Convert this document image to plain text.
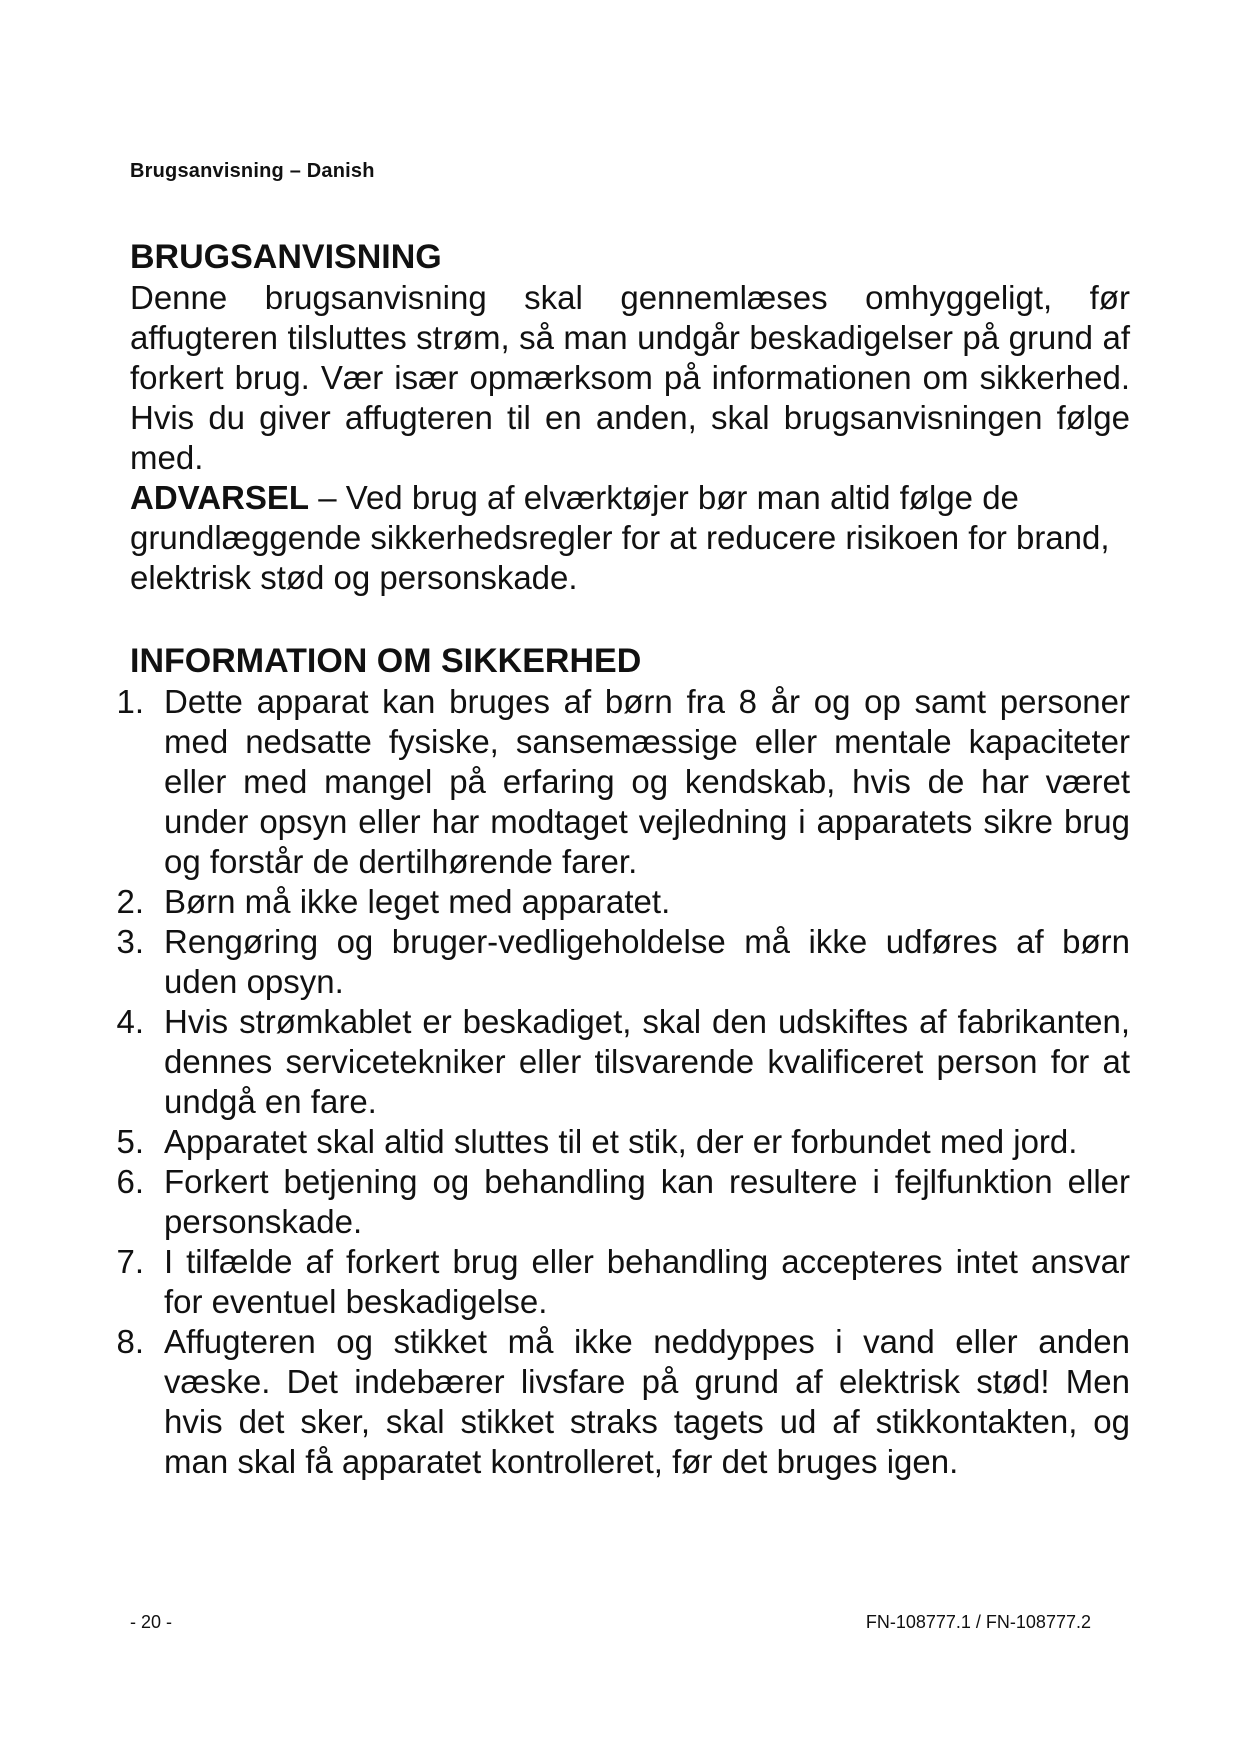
Brugsanvisning – Danish
BRUGSANVISNING

Denne brugsanvisning skal gennemlæses omhyggeligt, før affugteren tilsluttes strøm, så man undgår beskadigelser på grund af forkert brug. Vær især opmærksom på informationen om sikkerhed. Hvis du giver affugteren til en anden, skal brugsanvisningen følge med.

ADVARSEL – Ved brug af elværktøjer bør man altid følge de grundlæggende sikkerhedsregler for at reducere risikoen for brand, elektrisk stød og personskade.

INFORMATION OM SIKKERHED
1. Dette apparat kan bruges af børn fra 8 år og op samt personer med nedsatte fysiske, sansemæssige eller mentale kapaciteter eller med mangel på erfaring og kendskab, hvis de har været under opsyn eller har modtaget vejledning i apparatets sikre brug og forstår de dertilhørende farer.
2. Børn må ikke leget med apparatet.
3. Rengøring og bruger-vedligeholdelse må ikke udføres af børn uden opsyn.
4. Hvis strømkablet er beskadiget, skal den udskiftes af fabrikanten, dennes servicetekniker eller tilsvarende kvalificeret person for at undgå en fare.
5. Apparatet skal altid sluttes til et stik, der er forbundet med jord.
6. Forkert betjening og behandling kan resultere i fejlfunktion eller personskade.
7. I tilfælde af forkert brug eller behandling accepteres intet ansvar for eventuel beskadigelse.
8. Affugteren og stikket må ikke neddyppes i vand eller anden væske. Det indebærer livsfare på grund af elektrisk stød! Men hvis det sker, skal stikket straks tagets ud af stikkontakten, og man skal få apparatet kontrolleret, før det bruges igen.
- 20 -	FN-108777.1 / FN-108777.2
